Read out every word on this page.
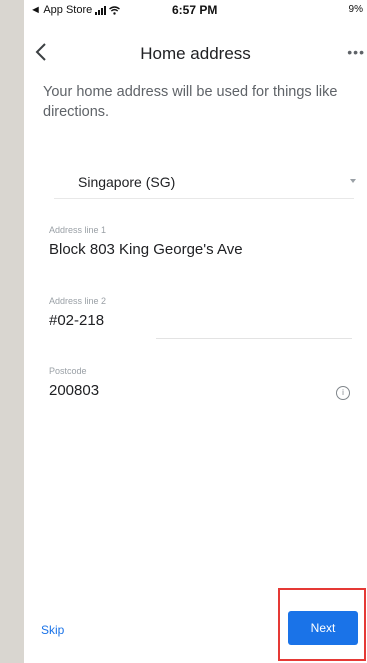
◄ App Store	6:57 PM	9%
Home address	•••
Your home address will be used for things like directions.
Singapore (SG)
Address line 1
Block 803 King George's Ave
Address line 2
#02-218
Postcode
200803	i
Skip	Next
